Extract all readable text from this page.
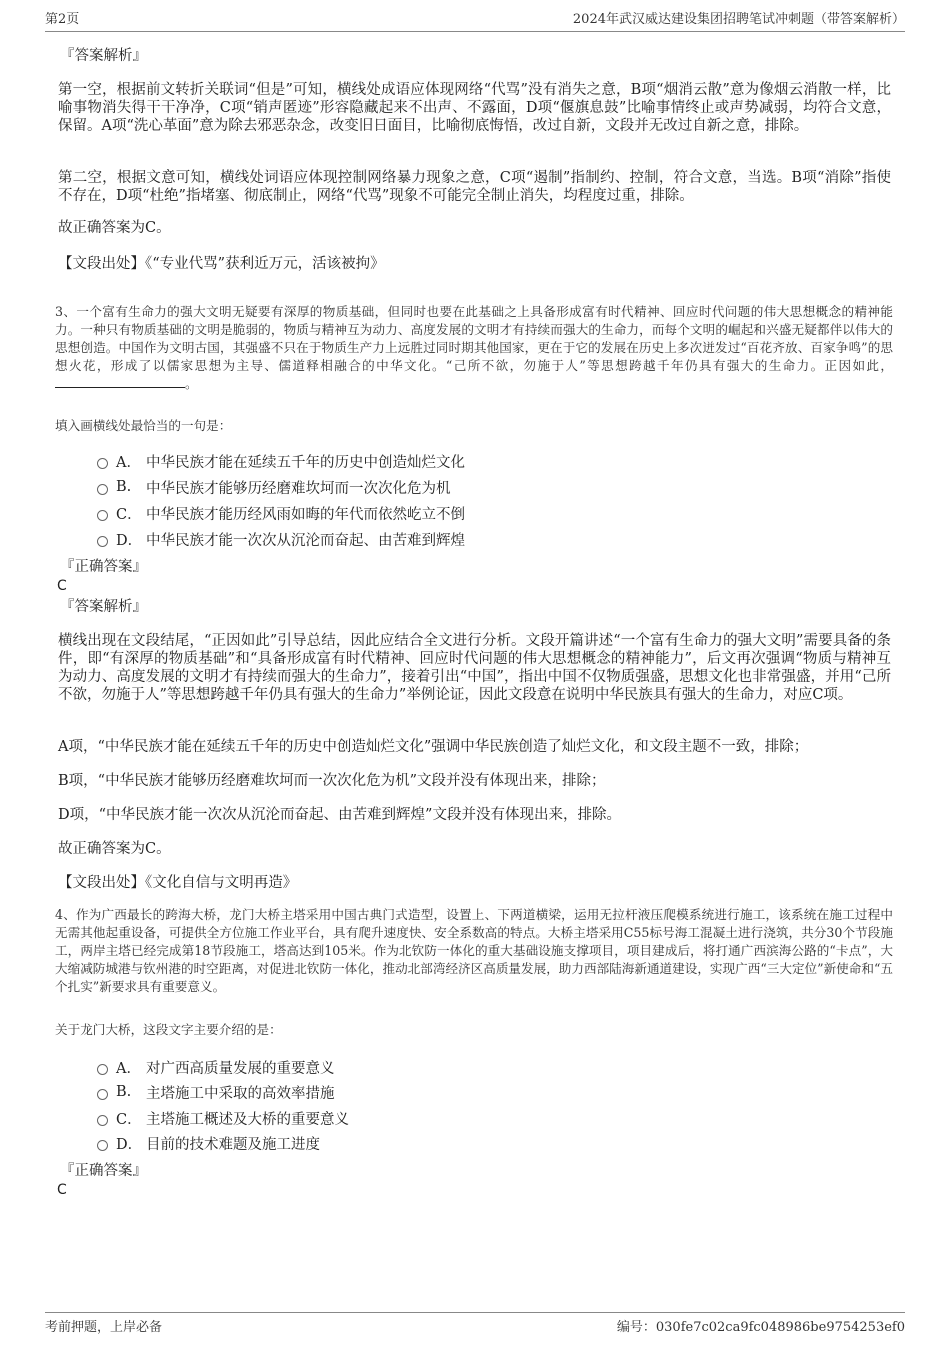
第2页	2024年武汉威达建设集团招聘笔试冲刺题（带答案解析）

『答案解析』

第一空，根据前文转折关联词“但是”可知，横线处成语应体现网络“代骂”没有消失之意，B项“烟消云散”意为像烟云消散一样，比喻事物消失得干干净净，C项“销声匿迹”形容隐藏起来不出声、不露面，D项“偃旗息鼓”比喻事情终止或声势减弱，均符合文意，保留。A项“洗心革面”意为除去邪恶杂念，改变旧日面目，比喻彻底悔悟，改过自新，文段并无改过自新之意，排除。

第二空，根据文意可知，横线处词语应体现控制网络暴力现象之意，C项“遏制”指制约、控制，符合文意，当选。B项“消除”指使不存在，D项“杜绝”指堵塞、彻底制止，网络“代骂”现象不可能完全制止消失，均程度过重，排除。

故正确答案为C。

【文段出处】《“专业代骂”获利近万元，活该被拘》

3、一个富有生命力的强大文明无疑要有深厚的物质基础，但同时也要在此基础之上具备形成富有时代精神、回应时代问题的伟大思想概念的精神能力。一种只有物质基础的文明是脆弱的，物质与精神互为动力、高度发展的文明才有持续而强大的生命力，而每个文明的崛起和兴盛无疑都伴以伟大的思想创造。中国作为文明古国，其强盛不只在于物质生产力上远胜过同时期其他国家，更在于它的发展在历史上多次迸发过“百花齐放、百家争鸣”的思想火花，形成了以儒家思想为主导、儒道释相融合的中华文化。“己所不欲，勿施于人”等思想跨越千年仍具有强大的生命力。正因如此，。

填入画横线处最恰当的一句是：

A． 中华民族才能在延续五千年的历史中创造灿烂文化
B.	中华民族才能够历经磨难坎坷而一次次化危为机
C． 中华民族才能历经风雨如晦的年代而依然屹立不倒
D． 中华民族才能一次次从沉沦而奋起、由苦难到辉煌

『正确答案』

C

『答案解析』

横线出现在文段结尾，“正因如此”引导总结，因此应结合全文进行分析。文段开篇讲述“一个富有生命力的强大文明”需要具备的条件，即“有深厚的物质基础”和“具备形成富有时代精神、回应时代问题的伟大思想概念的精神能力”，后文再次强调“物质与精神互为动力、高度发展的文明才有持续而强大的生命力”，接着引出“中国”，指出中国不仅物质强盛，思想文化也非常强盛，并用“己所不欲，勿施于人”等思想跨越千年仍具有强大的生命力”举例论证，因此文段意在说明中华民族具有强大的生命力，对应C项。

A项，“中华民族才能在延续五千年的历史中创造灿烂文化”强调中华民族创造了灿烂文化，和文段主题不一致，排除；

B项，“中华民族才能够历经磨难坎坷而一次次化危为机”文段并没有体现出来，排除；

D项，“中华民族才能一次次从沉沦而奋起、由苦难到辉煌”文段并没有体现出来，排除。

故正确答案为C。

【文段出处】《文化自信与文明再造》

4、作为广西最长的跨海大桥，龙门大桥主塔采用中国古典门式造型，设置上、下两道横梁，运用无拉杆液压爬模系统进行施工，该系统在施工过程中无需其他起重设备，可提供全方位施工作业平台，具有爬升速度快、安全系数高的特点。大桥主塔采用C55标号海工混凝土进行浇筑，共分30个节段施工，两岸主塔已经完成第18节段施工，塔高达到105米。作为北钦防一体化的重大基础设施支撑项目，项目建成后，将打通广西滨海公路的“卡点”，大大缩减防城港与钦州港的时空距离，对促进北钦防一体化，推动北部湾经济区高质量发展，助力西部陆海新通道建设，实现广西“三大定位”新使命和“五个扎实”新要求具有重要意义。

关于龙门大桥，这段文字主要介绍的是：

A． 对广西高质量发展的重要意义
B.	主塔施工中采取的高效率措施
C． 主塔施工概述及大桥的重要意义
D． 目前的技术难题及施工进度

『正确答案』

C

考前押题，上岸必备	编号：030fe7c02ca9fc048986be9754253ef0
